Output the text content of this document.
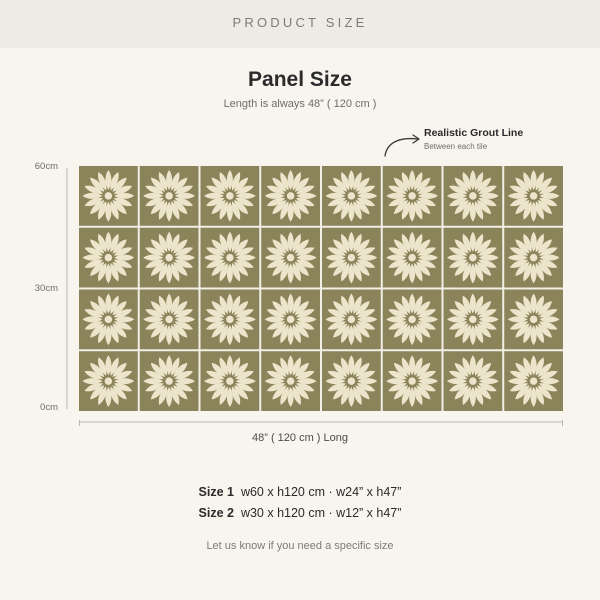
PRODUCT SIZE
Panel Size
Length is always 48” ( 120 cm )
Realistic Grout Line
Between each tile
60cm
30cm
0cm
48” ( 120 cm ) Long
Size 1 w60 x h120 cm · w24” x h47”
Size 2 w30 x h120 cm · w12” x h47”
Let us know if you need a specific size
